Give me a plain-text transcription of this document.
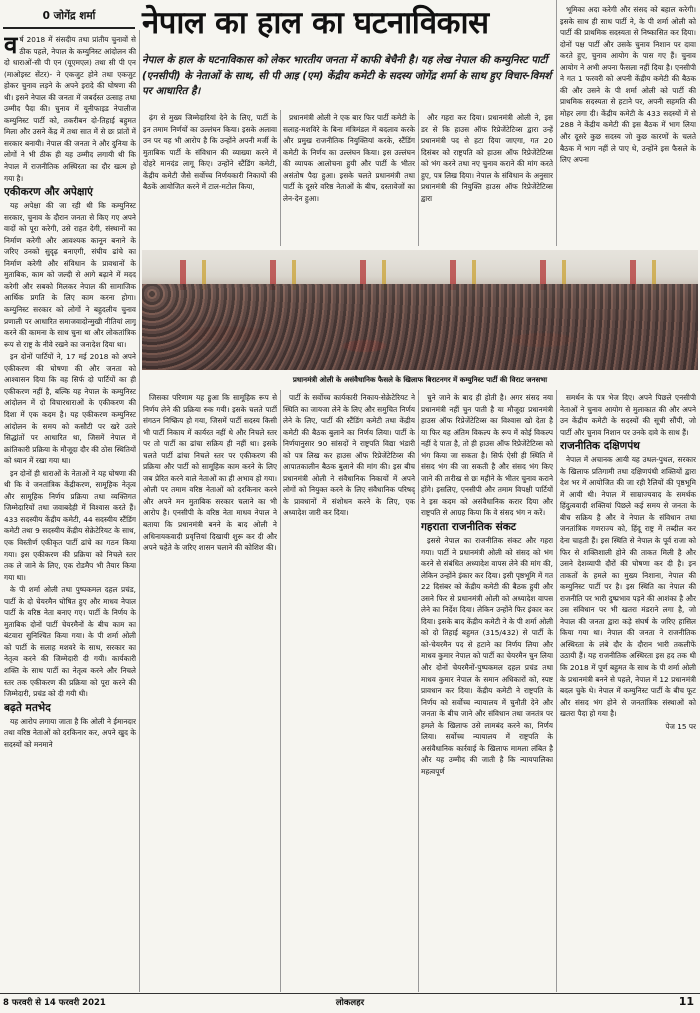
0 जोगेंद्र शर्मा	नेपाल का हाल का घटनाविकास
नेपाल के हाल के घटनाविकास को लेकर भारतीय जनता में काफी बेचैनी है। यह लेख नेपाल की कम्युनिस्ट पार्टी (एनसीपी) के नेताओं के साथ, सी पी आइ (एम) केंद्रीय कमेटी के सदस्य जोगेंद्र शर्मा के साथ हुए विचार-विमर्श पर आधारित है।

वर्ष 2018 में संसदीय तथा प्रांतीय चुनावों से ठीक पहले, नेपाल के कम्युनिस्ट आंदोलन की दो धाराओं-सी पी एन (यूएमएल) तथा सी पी एन (माओइस्ट सेंटर)- ने एकजुट होने तथा एकजुट होकर चुनाव लड़ने के अपने इरादे की घोषणा की थी। इसने नेपाल की जनता में जबर्दस्त उत्साह तथा उम्मीद पैदा की। चुनाव में यूनीफाइड नेपालीज कम्युनिस्ट पार्टी को, तकरीबन दो-तिहाई बहुमत मिला और उसने केंद्र में तथा सात में से छः प्रांतों में सरकार बनायी। नेपाल की जनता ने और दुनिया के लोगों ने भी ठीक ही यह उम्मीद लगायी थी कि नेपाल में राजनीतिक अस्थिरता का दौर खत्म हो गया है।

एकीकरण और अपेक्षाएं

यह अपेक्षा की जा रही थी कि कम्युनिस्ट सरकार, चुनाव के दौरान जनता से किए गए अपने वादों को पूरा करेगी, उसे राहत देगी, संस्थानों का निर्माण करेगी और आवश्यक कानून बनाने के जरिए उनको सुदृढ़ बनाएगी, संघीय ढांचे का निर्माण करेगी और संविधान के प्रावधानों के मुताबिक, काम को जल्दी से आगे बढ़ाने में मदद करेगी और सबको मिलकर नेपाल की सामाजिक आर्थिक प्रगति के लिए काम करना होगा। कम्युनिस्ट सरकार को लोगों ने बहुदलीय चुनाव प्रणाली पर आधारित समाजवादोन्मुखी नीतियां लागू करने की कामना के साथ चुना था और लोकतांत्रिक रूप से राष्ट्र के नीवे रखने का जनादेश दिया था।

इन दोनों पार्टियों ने, 17 मई 2018 को अपने एकीकरण की घोषणा की और जनता को आश्वासन दिया कि वह सिर्फ दो पार्टियों का ही एकीकरण नहीं है, बल्कि यह नेपाल के कम्युनिस्ट आंदोलन में दो विचारधाराओं के एकीकरण की दिशा में एक कदम है। यह एकीकरण कम्युनिस्ट आंदोलन के समय को कसौटी पर खरे उतरे सिद्धांतों पर आधारित था, जिसमें नेपाल में क्रांतिकारी प्रक्रिया के मौजूदा दौर की ठोस स्थितियों को ध्यान में रखा गया था।

इन दोनों ही धाराओं के नेताओं ने यह घोषणा की थी कि वे जनतांत्रिक केंद्रीकरण, सामूहिक नेतृत्व और सामूहिक निर्णय प्रक्रिया तथा व्यक्तिगत जिम्मेदारियों तथा जवाबदेही में विश्वास करते हैं। 433 सदस्यीय केंद्रीय कमेटी, 44 सदस्यीय स्टैंडिंग कमेटी तथा 9 सदस्यीय केंद्रीय सेक्रेटेरियट के साथ, एक विस्तीर्ण एकीकृत पार्टी ढांचे का गठन किया गया। इस एकीकरण की प्रक्रिया को निचले स्तर तक ले जाने के लिए, एक रोडमैप भी तैयार किया गया था।

के पी शर्मा ओली तथा पुष्पकमल दहल प्रचंड, पार्टी के दो चेयरमैन घोषित हुए और माधव नेपाल पार्टी के वरिष्ठ नेता बनाए गए। पार्टी के निर्णय के मुताबिक दोनों पार्टी चेयरमैनों के बीच काम का बंटवारा सुनिश्चित किया गया। के पी शर्मा ओली को पार्टी के सलाह मशवरे के साथ, सरकार का नेतृत्व करने की जिम्मेदारी दी गयी। कार्यकारी शक्ति के साथ पार्टी का नेतृत्व करने और निचले स्तर तक एकीकरण की प्रक्रिया को पूरा करने की जिम्मेदारी, प्रचंड को दी गयी थी।

बढ़ते मतभेद

यह आरोप लगाया जाता है कि ओली ने ईमानदार तथा वरिष्ठ नेताओं को दरकिनार कर, अपने खुद के सदस्यों को मनमाने

ढ़ंग से मुख्य जिम्मेदारियां देने के लिए, पार्टी के इन तमाम निर्णयों का उल्लंघन किया। इसके अलावा उन पर यह भी आरोप है कि उन्होंने अपनी मर्जी के मुताबिक पार्टी के संविधान की व्याख्या करने में दोहरे मानदंड लागू किए। उन्होंने स्टैंडिंग कमेटी, केंद्रीय कमेटी जैसे सर्वोच्च निर्णयकारी निकायों की बैठकें आयोजित करने में टाल-मटोल किया,

प्रधानमंत्री ओली ने एक बार फिर पार्टी कमेटी के सलाह-मशविरे के बिना मंत्रिमंडल में बदलाव करके और प्रमुख राजनीतिक नियुक्तियां करके, स्टैंडिंग कमेटी के निर्णय का उल्लंघन किया। इस उल्लंघन की व्यापक आलोचना हुयी और पार्टी के भीतर असंतोष पैदा हुआ। इसके चलते प्रधानमंत्री तथा पार्टी के दूसरे वरिष्ठ नेताओं के बीच, दस्तावेजों का लेन-देन हुआ।

और गहरा कर दिया। प्रधानमंत्री ओली ने, इस डर से कि हाउस ऑफ रिप्रेजेंटेटिव्स द्वारा उन्हें प्रधानमंत्री पद से हटा दिया जाएगा, गत 20 दिसंबर को राष्ट्रपति को हाउस ऑफ रिप्रेजेंटेटिव्स को भंग करने तथा नए चुनाव कराने की मांग करते हुए, पत्र लिख दिया। नेपाल के संविधान के अनुसार प्रधानमंत्री की नियुक्ति हाउस ऑफ रिप्रेजेंटेटिव्स द्वारा

भूमिका अदा करेगी और संसद को बहाल करेगी। इसके साथ ही साथ पार्टी ने, के पी शर्मा ओली को पार्टी की प्राथमिक सदस्यता से निष्कासित कर दिया। दोनों पक्ष पार्टी और उसके चुनाव निशान पर दावा करते हुए, चुनाव आयोग के पास गए हैं। चुनाव आयोग ने अभी अपना फैसला नहीं दिया है। एनसीपी ने गत 1 फरवरी को अपनी केंद्रीय कमेटी की बैठक की और उसने के पी शर्मा ओली को पार्टी की प्राथमिक सदस्यता से हटाने पर, अपनी सहमति की मोहर लगा दी। केंद्रीय कमेटी के 433 सदस्यों में से 288 ने केंद्रीय कमेटी की इस बैठक में भाग लिया और दूसरे कुछ सदस्य जो कुछ कारणों के चलते बैठक में भाग नहीं ले पाए थे, उन्होंने इस फैसले के लिए अपना

प्रधानमंत्री ओली के असंवैधानिक फैसले के खिलाफ बिराटनगर में कम्युनिस्ट पार्टी की विराट जनसभा

जिसका परिणाम यह हुआ कि सामूहिक रूप से निर्णय लेने की प्रक्रिया रुक गयी। इसके चलते पार्टी संगठन निष्क्रिय हो गया, जिसमें पार्टी सदस्य किसी भी पार्टी निकाय में कार्यरत नहीं थे और निचले स्तर पर तो पार्टी का ढांचा सक्रिय ही नहीं था। इसके चलते पार्टी ढांचा निचले स्तर पर एकीकरण की प्रक्रिया और पार्टी को सामूहिक काम करने के लिए जब प्रेरित करने वाले नेताओं का ही अभाव हो गया। ओली पर तमाम वरिष्ठ नेताओं को दरकिनार करने और अपने मन मुताबिक सरकार चलाने का भी आरोप है। एनसीपी के वरिष्ठ नेता माधव नेपाल ने बताया कि प्रधानमंत्री बनने के बाद ओली ने अधिनायकवादी प्रवृत्तियां दिखायी शुरू कर दी और अपने चहेते के जरिए शासन चलाने की कोशिश की।

पार्टी के सर्वोच्च कार्यकारी निकाय-सेक्रेटेरियट ने स्थिति का जायजा लेने के लिए और समुचित निर्णय लेने के लिए, पार्टी की स्टैंडिंग कमेटी तथा केंद्रीय कमेटी की बैठक बुलाने का निर्णय लिया। पार्टी के निर्णयानुसार 90 सांसदों ने राष्ट्रपति विद्या भंडारी को पत्र लिख कर हाउस ऑफ रिप्रेजेंटेटिव्स की आपातकालीन बैठक बुलाने की मांग की। इस बीच प्रधानमंत्री ओली ने संवैधानिक निकायों में अपने लोगों को नियुक्त करने के लिए संवैधानिक परिषद् के प्रावधानों में संशोधन करने के लिए, एक अध्यादेश जारी कर दिया।

चुने जाने के बाद ही होती है। अगर संसद नया प्रधानमंत्री नहीं चुन पाती है या मौजूदा प्रधानमंत्री हाउस ऑफ रिप्रेजेंटेटिव्स का विश्वास खो देता है या फिर यह अंतिम विकल्प के रूप में कोई विकल्प नहीं दे पाता है, तो ही हाउस ऑफ रिप्रेजेंटेटिव्स को भंग किया जा सकता है। सिर्फ ऐसी ही स्थिति में संसद भंग की जा सकती है और संसद भंग किए जाने की तारीख से छः महीने के भीतर चुनाव कराने होंगे। इसलिए, एनसीपी और तमाम विपक्षी पार्टियों ने इस कदम को असंवैधानिक करार दिया और राष्ट्रपति से आग्रह किया कि वे संसद भंग न करें।

गहराता राजनीतिक संकट

इससे नेपाल का राजनीतिक संकट और गहरा गया। पार्टी ने प्रधानमंत्री ओली को संसद को भंग करने से संबंधित अध्यादेश वापस लेने की मांग की, लेकिन उन्होंने इंकार कर दिया। इसी पृष्ठभूमि में गत 22 दिसंबर को केंद्रीय कमेटी की बैठक हुयी और उसने फिर से प्रधानमंत्री ओली को अध्यादेश वापस लेने का निर्देश दिया। लेकिन उन्होंने फिर इंकार कर दिया। इसके बाद केंद्रीय कमेटी ने के पी शर्मा ओली को दो तिहाई बहुमत (315/432) से पार्टी के को-चेयरमैन पद से हटाने का निर्णय लिया और माधव कुमार नेपाल को पार्टी का चेयरमैन चुन लिया और दोनों चेयरमैनों-पुष्पकमल दहल प्रचंड तथा माधव कुमार नेपाल के समान अधिकारों को, स्पष्ट प्रावधान कर दिया। केंद्रीय कमेटी ने राष्ट्रपति के निर्णय को सर्वोच्च न्यायालय में चुनौती देने और जनता के बीच जाने और संविधान तथा जनतंत्र पर हमले के खिलाफ उसे लामबंद करने का, निर्णय लिया। सर्वोच्च न्यायालय में राष्ट्रपति के असंवैधानिक कार्रवाई के खिलाफ मामला लंबित है और यह उम्मीद की जाती है कि न्यायपालिका महत्वपूर्ण

समर्थन के पत्र भेज दिए। अपने पिछले एनसीपी नेताओं ने चुनाव आयोग से मुलाकात की और अपने उन केंद्रीय कमेटी के सदस्यों की सूची सौंपी, जो पार्टी और चुनाव निशान पर उनके दावे के साथ हैं।

राजनीतिक दक्षिणपंथ

नेपाल में अचानक आयी यह उथल-पुथल, सरकार के खिलाफ प्रतिगामी तथा दक्षिणपंथी शक्तियों द्वारा देश भर में आयोजित की जा रही रैलियों की पृष्ठभूमि में आयी थी। नेपाल में साम्राज्यवाद के समर्थक हिंदुत्ववादी शक्तियां पिछले कई समय से जनता के बीच सक्रिय है और वे नेपाल के संविधान तथा जनतांत्रिक गणराज्य को, हिंदू राष्ट्र में तब्दील कर देना चाहती हैं। इस स्थिति से नेपाल के पूर्व राजा को फिर से शक्तिशाली होने की ताकत मिली है और उसने देशव्यापी दौरों की घोषणा कर दी है। इन ताकतों के हमले का मुख्य निशाना, नेपाल की कम्युनिस्ट पार्टी पर है। इस स्थिति का नेपाल की राजनीति पर भारी दुष्प्रभाव पड़ने की आशंका है और उस संविधान पर भी खतरा मंडराने लगा है, जो नेपाल की जनता द्वारा कड़े संघर्ष के जरिए हासिल किया गया था। नेपाल की जनता ने राजनीतिक अस्थिरता के लंबे दौर के दौरान भारी तकलीफें उठायी हैं। यह राजनीतिक अस्थिरता इस हद तक थी कि 2018 में पूर्ण बहुमत के साथ के पी शर्मा ओली के प्रधानमंत्री बनने से पहले, नेपाल में 12 प्रधानमंत्री बदल चुके थे। नेपाल में कम्युनिस्ट पार्टी के बीच फूट और संसद भंग होने से जनतांत्रिक संस्थाओं को खतरा पैदा हो गया है।

पेज 15 पर

8 फरवरी से 14 फरवरी 2021	लोकलहर	11
